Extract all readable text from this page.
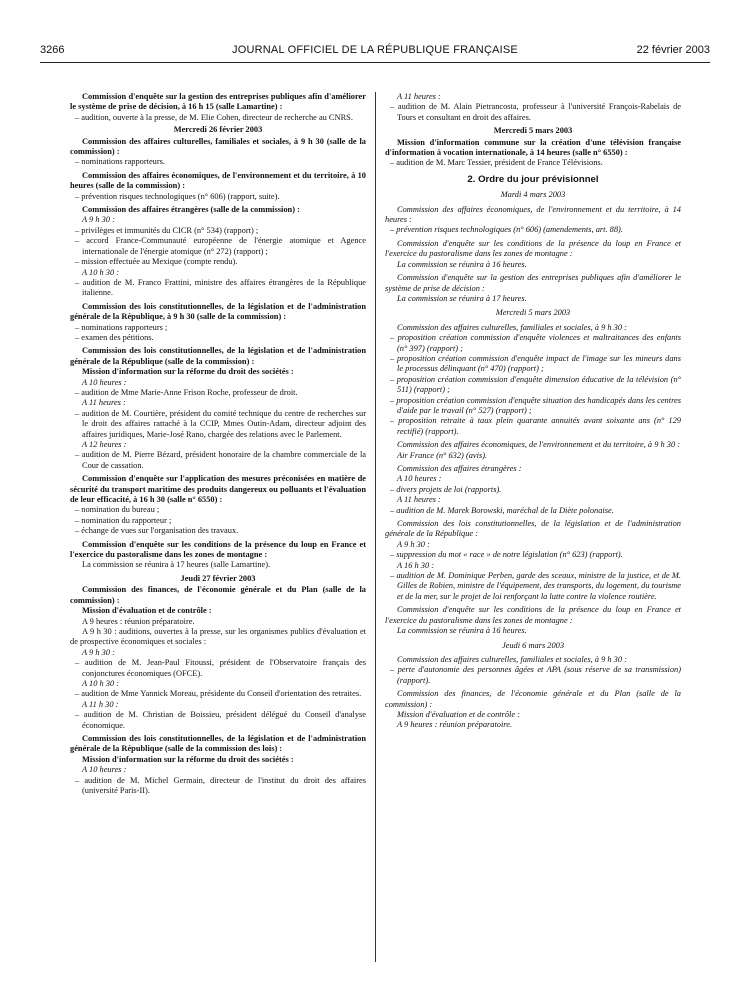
3266	JOURNAL OFFICIEL DE LA RÉPUBLIQUE FRANÇAISE	22 février 2003

Commission d'enquête sur la gestion des entreprises publiques afin d'améliorer le système de prise de décision, à 16 h 15 (salle Lamartine) :

– audition, ouverte à la presse, de M. Elie Cohen, directeur de recherche au CNRS.

Mercredi 26 février 2003

Commission des affaires culturelles, familiales et sociales, à 9 h 30 (salle de la commission) :

– nominations rapporteurs.

Commission des affaires économiques, de l'environnement et du territoire, à 10 heures (salle de la commission) :

– prévention risques technologiques (n° 606) (rapport, suite).

Commission des affaires étrangères (salle de la commission) :

A 9 h 30 :

– privilèges et immunités du CICR (n° 534) (rapport) ;

– accord France-Communauté européenne de l'énergie atomique et Agence internationale de l'énergie atomique (n° 272) (rapport) ;

– mission effectuée au Mexique (compte rendu).

A 10 h 30 :

– audition de M. Franco Frattini, ministre des affaires étrangères de la République italienne.

Commission des lois constitutionnelles, de la législation et de l'administration générale de la République, à 9 h 30 (salle de la commission) :

– nominations rapporteurs ;

– examen des pétitions.

Commission des lois constitutionnelles, de la législation et de l'administration générale de la République (salle de la commission) :

Mission d'information sur la réforme du droit des sociétés :

A 10 heures :

– audition de Mme Marie-Anne Frison Roche, professeur de droit.

A 11 heures :

– audition de M. Courtière, président du comité technique du centre de recherches sur le droit des affaires rattaché à la CCIP, Mmes Outin-Adam, directeur adjoint des affaires juridiques, Marie-José Rano, chargée des relations avec le Parlement.

A 12 heures :

– audition de M. Pierre Bézard, président honoraire de la chambre commerciale de la Cour de cassation.

Commission d'enquête sur l'application des mesures préconisées en matière de sécurité du transport maritime des produits dangereux ou polluants et l'évaluation de leur efficacité, à 16 h 30 (salle n° 6550) :

– nomination du bureau ;

– nomination du rapporteur ;

– échange de vues sur l'organisation des travaux.

Commission d'enquête sur les conditions de la présence du loup en France et l'exercice du pastoralisme dans les zones de montagne :

La commission se réunira à 17 heures (salle Lamartine).

Jeudi 27 février 2003

Commission des finances, de l'économie générale et du Plan (salle de la commission) :

Mission d'évaluation et de contrôle :

A 9 heures : réunion préparatoire.

A 9 h 30 : auditions, ouvertes à la presse, sur les organismes publics d'évaluation et de prospective économiques et sociales :

A 9 h 30 :

– audition de M. Jean-Paul Fitoussi, président de l'Observatoire français des conjonctures économiques (OFCE).

A 10 h 30 :

– audition de Mme Yannick Moreau, présidente du Conseil d'orientation des retraites.

A 11 h 30 :

– audition de M. Christian de Boissieu, président délégué du Conseil d'analyse économique.

Commission des lois constitutionnelles, de la législation et de l'administration générale de la République (salle de la commission des lois) :

Mission d'information sur la réforme du droit des sociétés :

A 10 heures :

– audition de M. Michel Germain, directeur de l'institut du droit des affaires (université Paris-II).

A 11 heures :

– audition de M. Alain Pietrancosta, professeur à l'université François-Rabelais de Tours et consultant en droit des affaires.

Mercredi 5 mars 2003

Mission d'information commune sur la création d'une télévision française d'information à vocation internationale, à 14 heures (salle n° 6550) :

– audition de M. Marc Tessier, président de France Télévisions.

2. Ordre du jour prévisionnel

Mardi 4 mars 2003

Commission des affaires économiques, de l'environnement et du territoire, à 14 heures :

– prévention risques technologiques (n° 606) (amendements, art. 88).

Commission d'enquête sur les conditions de la présence du loup en France et l'exercice du pastoralisme dans les zones de montagne :

La commission se réunira à 16 heures.

Commission d'enquête sur la gestion des entreprises publiques afin d'améliorer le système de prise de décision :

La commission se réunira à 17 heures.

Mercredi 5 mars 2003

Commission des affaires culturelles, familiales et sociales, à 9 h 30 :

– proposition création commission d'enquête violences et maltraitances des enfants (n° 397) (rapport) ;

– proposition création commission d'enquête impact de l'image sur les mineurs dans le processus délinquant (n° 470) (rapport) ;

– proposition création commission d'enquête dimension éducative de la télévision (n° 511) (rapport) ;

– proposition création commission d'enquête situation des handicapés dans les centres d'aide par le travail (n° 527) (rapport) ;

– proposition retraite à taux plein quarante annuités avant soixante ans (n° 129 rectifié) (rapport).

Commission des affaires économiques, de l'environnement et du territoire, à 9 h 30 :

Air France (n° 632) (avis).

Commission des affaires étrangères :

A 10 heures :

– divers projets de loi (rapports).

A 11 heures :

– audition de M. Marek Borowski, maréchal de la Diète polonaise.

Commission des lois constitutionnelles, de la législation et de l'administration générale de la République :

A 9 h 30 :

– suppression du mot « race » de notre législation (n° 623) (rapport).

A 16 h 30 :

– audition de M. Dominique Perben, garde des sceaux, ministre de la justice, et de M. Gilles de Robien, ministre de l'équipement, des transports, du logement, du tourisme et de la mer, sur le projet de loi renforçant la lutte contre la violence routière.

Commission d'enquête sur les conditions de la présence du loup en France et l'exercice du pastoralisme dans les zones de montagne :

La commission se réunira à 16 heures.

Jeudi 6 mars 2003

Commission des affaires culturelles, familiales et sociales, à 9 h 30 :

– perte d'autonomie des personnes âgées et APA (sous réserve de sa transmission) (rapport).

Commission des finances, de l'économie générale et du Plan (salle de la commission) :

Mission d'évaluation et de contrôle :

A 9 heures : réunion préparatoire.
